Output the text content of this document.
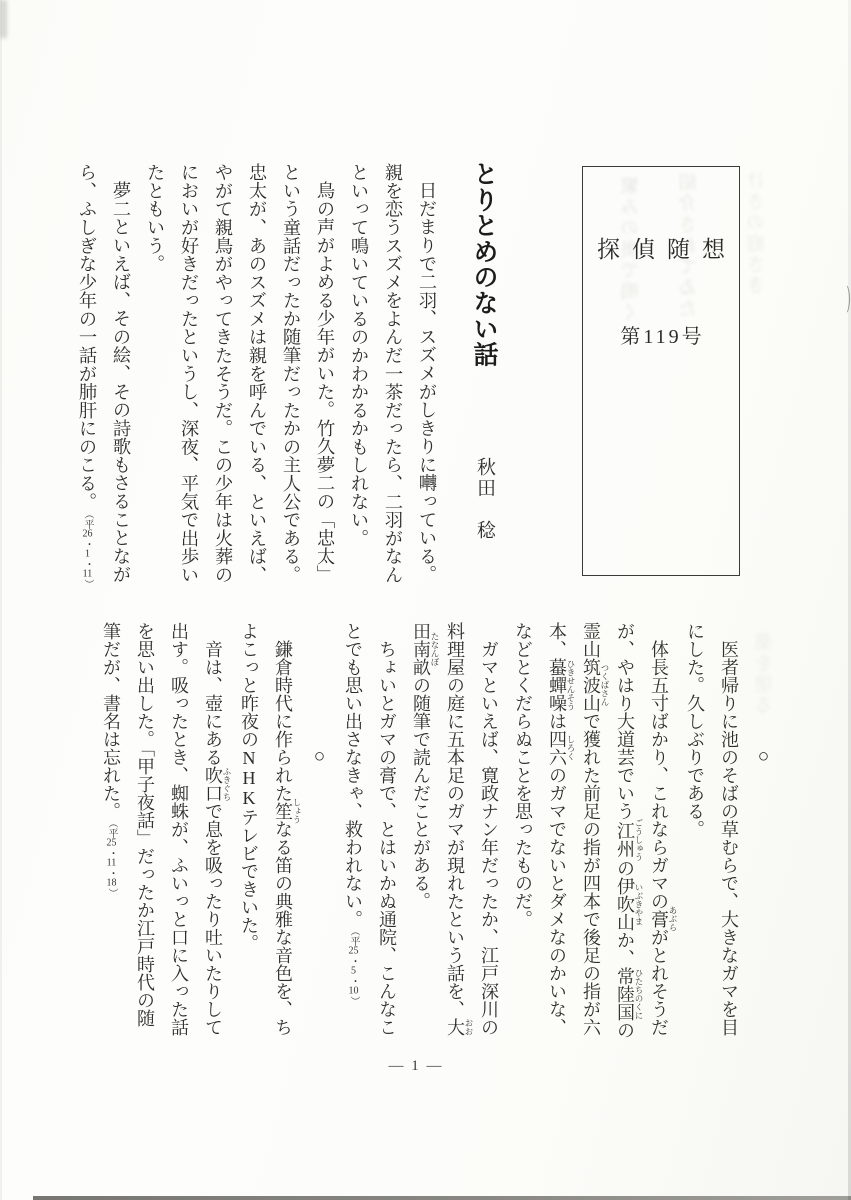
繁みの奥で鳴く 紹介されてゐた けさの庭さき
薬を塗る
探偵随想
第119号
とりとめのない話 秋田　稔

日だまりで二羽、スズメがしきりに囀っている。親を恋うスズメをよんだ一茶だったら、二羽がなんといって鳴いているのかわかるかもしれない。

鳥の声がよめる少年がいた。竹久夢二の「忠太」という童話だったか随筆だったかの主人公である。忠太が、あのスズメは親を呼んでいる、といえば、やがて親鳥がやってきたそうだ。この少年は火葬のにおいが好きだったというし、深夜、平気で出歩いたともいう。

夢二といえば、その絵、その詩歌もさることながら、ふしぎな少年の一話が肺肝にのこる。（平26・1・11）

○

医者帰りに池のそばの草むらで、大きなガマを目にした。久しぶりである。

体長五寸ばかり、これならガマの膏 あぶらがとれそうだが、やはり大道芸でいう江州 ごうしゅうの伊吹山 いぶきやまか、常陸国 ひたちのくにの霊山筑波山 つくばさんで獲れた前足の指が四本で後足の指が六本、蟇蟬噪 ひきせんそうは四六 しろくのガマでないとダメなのかいな、などとくだらぬことを思ったものだ。

ガマといえば、寛政ナン年だったか、江戸深川の料理屋の庭に五本足のガマが現れたという話を、大 おお田南畝 たなんぼの随筆で読んだことがある。

ちょいとガマの膏で、とはいかぬ通院、こんなことでも思い出さなきゃ、救われない。（平25・5・10）

○

鎌倉時代に作られた笙 しょうなる笛の典雅な音色を、ちよこっと昨夜のNHKテレビできいた。

音は、壺にある吹口 ふきぐちで息を吸ったり吐いたりして出す。吸ったとき、蜘蛛が、ふいっと口に入った話を思い出した。「甲子夜話」だったか江戸時代の随筆だが、書名は忘れた。（平25・11・18）

— 1 —
